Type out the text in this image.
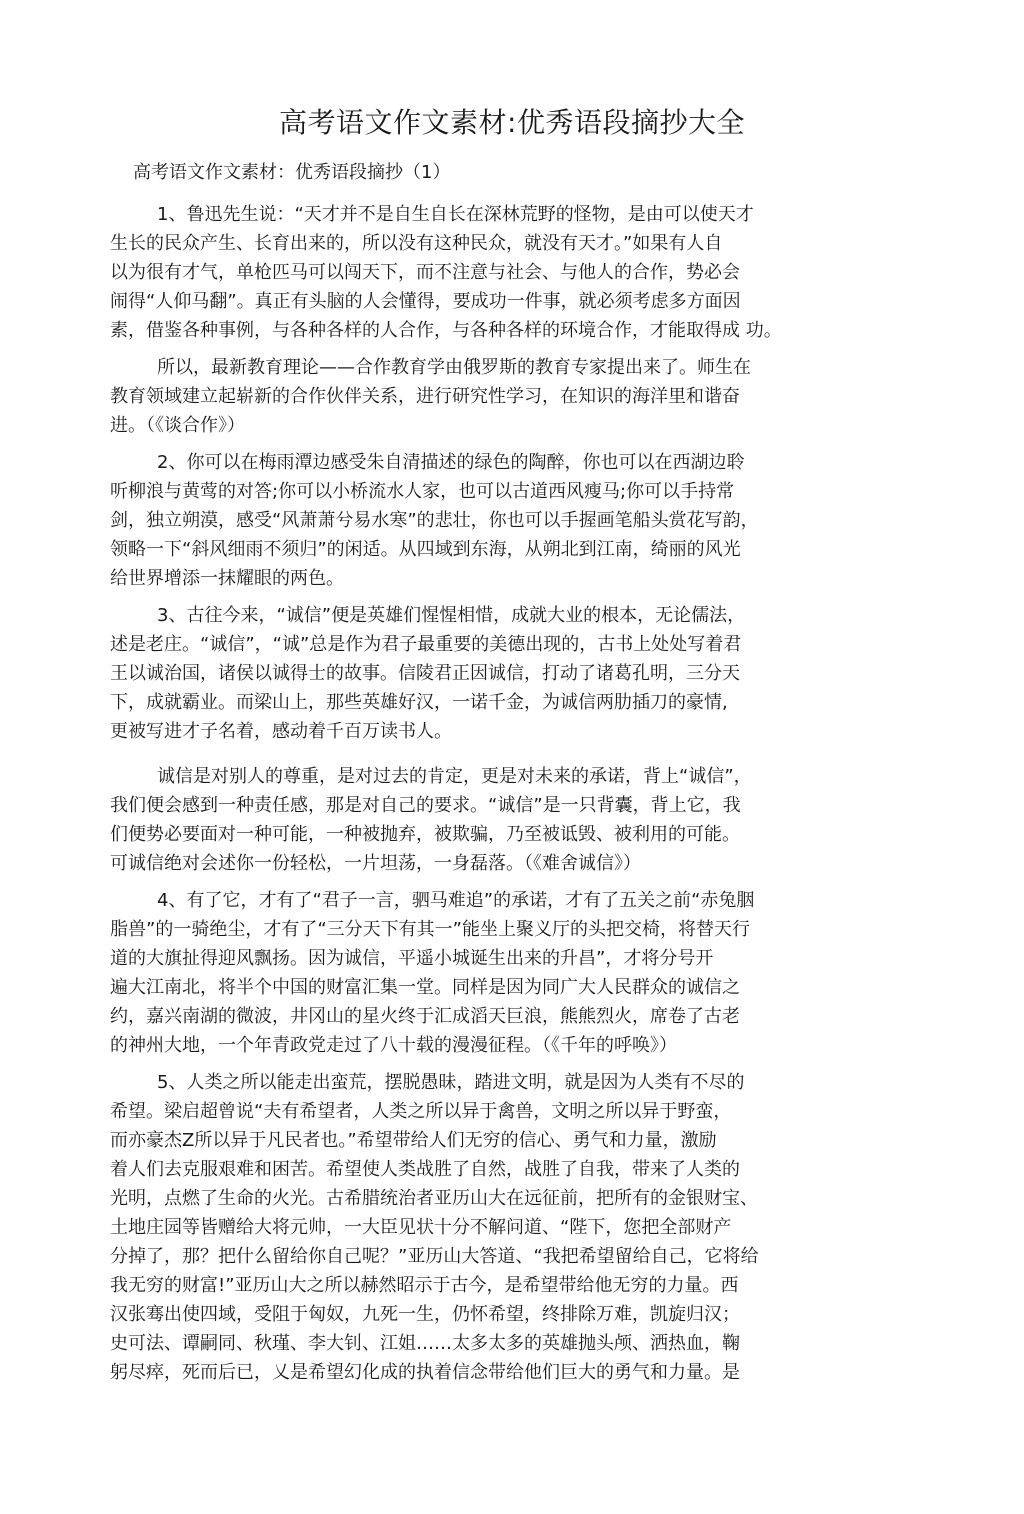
高考语文作文素材:优秀语段摘抄大全
高考语文作文素材：优秀语段摘抄（1）
1、鲁迅先生说：“天才并不是自生自长在深林荒野的怪物，是由可以使天才
生长的民众产生、长育出来的，所以没有这种民众，就没有天才。”如果有人自
以为很有才气，单枪匹马可以闯天下，而不注意与社会、与他人的合作，势必会
闹得“人仰马翻”。真正有头脑的人会懂得，要成功一件事，就必须考虑多方面因
素，借鉴各种事例，与各种各样的人合作，与各种各样的环境合作，才能取得成 功。
所以，最新教育理论——合作教育学由俄罗斯的教育专家提出来了。师生在
教育领域建立起崭新的合作伙伴关系，进行研究性学习，在知识的海洋里和谐奋
进。（《谈合作》）
2、你可以在梅雨潭边感受朱自清描述的绿色的陶醉，你也可以在西湖边聆
听柳浪与黄莺的对答;你可以小桥流水人家，也可以古道西风瘦马;你可以手持常
剑，独立朔漠，感受“风萧萧兮易水寒”的悲壮，你也可以手握画笔船头赏花写韵，
领略一下“斜风细雨不须归”的闲适。从四域到东海，从朔北到江南，绮丽的风光
给世界增添一抹耀眼的两色。
3、古往今来，“诚信”便是英雄们惺惺相惜，成就大业的根本，无论儒法，
述是老庄。“诚信”，“诚”总是作为君子最重要的美德出现的，古书上处处写着君
王以诚治国，诸侯以诚得士的故事。信陵君正因诚信，打动了诸葛孔明，三分天
下，成就霸业。而梁山上，那些英雄好汉，一诺千金，为诚信两肋插刀的豪情,
更被写进才子名着，感动着千百万读书人。
诚信是对别人的尊重，是对过去的肯定，更是对未来的承诺，背上“诚信”，
我们便会感到一种责任感，那是对自己的要求。“诚信”是一只背囊，背上它，我
们便势必要面对一种可能，一种被抛弃，被欺骗，乃至被诋毁、被利用的可能。
可诚信绝对会述你一份轻松，一片坦荡，一身磊落。（《难舍诚信》）
4、有了它，才有了“君子一言，驷马难追”的承诺，才有了五关之前“赤兔胭
脂兽”的一骑绝尘，才有了“三分天下有其一”能坐上聚义厅的头把交椅，将替天行
道的大旗扯得迎风飘扬。因为诚信，平遥小城诞生出来的升昌”，才将分号开
遍大江南北，将半个中国的财富汇集一堂。同样是因为同广大人民群众的诚信之
约，嘉兴南湖的微波，井冈山的星火终于汇成滔天巨浪，熊熊烈火，席卷了古老
的神州大地，一个年青政党走过了八十载的漫漫征程。（《千年的呼唤》）
5、人类之所以能走出蛮荒，摆脱愚昧，踏进文明，就是因为人类有不尽的
希望。梁启超曾说“夫有希望者，人类之所以异于禽兽，文明之所以异于野蛮，
而亦豪杰Z所以异于凡民者也。”希望带给人们无穷的信心、勇气和力量，激励
着人们去克服艰难和困苦。希望使人类战胜了自然，战胜了自我，带来了人类的
光明，点燃了生命的火光。古希腊统治者亚历山大在远征前，把所有的金银财宝、
土地庄园等皆赠给大将元帅，一大臣见状十分不解问道、“陛下，您把全部财产
分掉了，那？把什么留给你自己呢？”亚历山大答道、“我把希望留给自己，它将给
我无穷的财富!”亚历山大之所以赫然昭示于古今，是希望带给他无穷的力量。西
汉张骞出使四域，受阻于匈奴，九死一生，仍怀希望，终排除万难，凯旋归汉；
史可法、谭嗣同、秋瑾、李大钊、江姐……太多太多的英雄抛头颅、洒热血，鞠
躬尽瘁，死而后已，乂是希望幻化成的执着信念带给他们巨大的勇气和力量。是
